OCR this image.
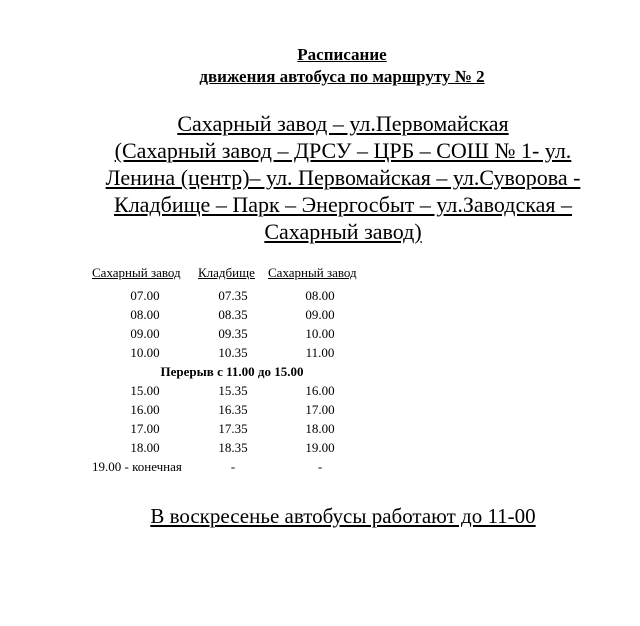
Расписание
движения автобуса по маршруту № 2
Сахарный завод – ул.Первомайская
(Сахарный завод – ДРСУ – ЦРБ – СОШ № 1- ул.
Ленина (центр)– ул. Первомайская – ул.Суворова -
Кладбище – Парк – Энергосбыт – ул.Заводская –
Сахарный завод)
Сахарный завод	Кладбище	Сахарный завод
07.00	07.35	08.00
08.00	08.35	09.00
09.00	09.35	10.00
10.00	10.35	11.00
Перерыв с 11.00 до 15.00		
15.00	15.35	16.00
16.00	16.35	17.00
17.00	17.35	18.00
18.00	18.35	19.00
19.00 - конечная	-	-
В воскресенье автобусы работают до 11-00
